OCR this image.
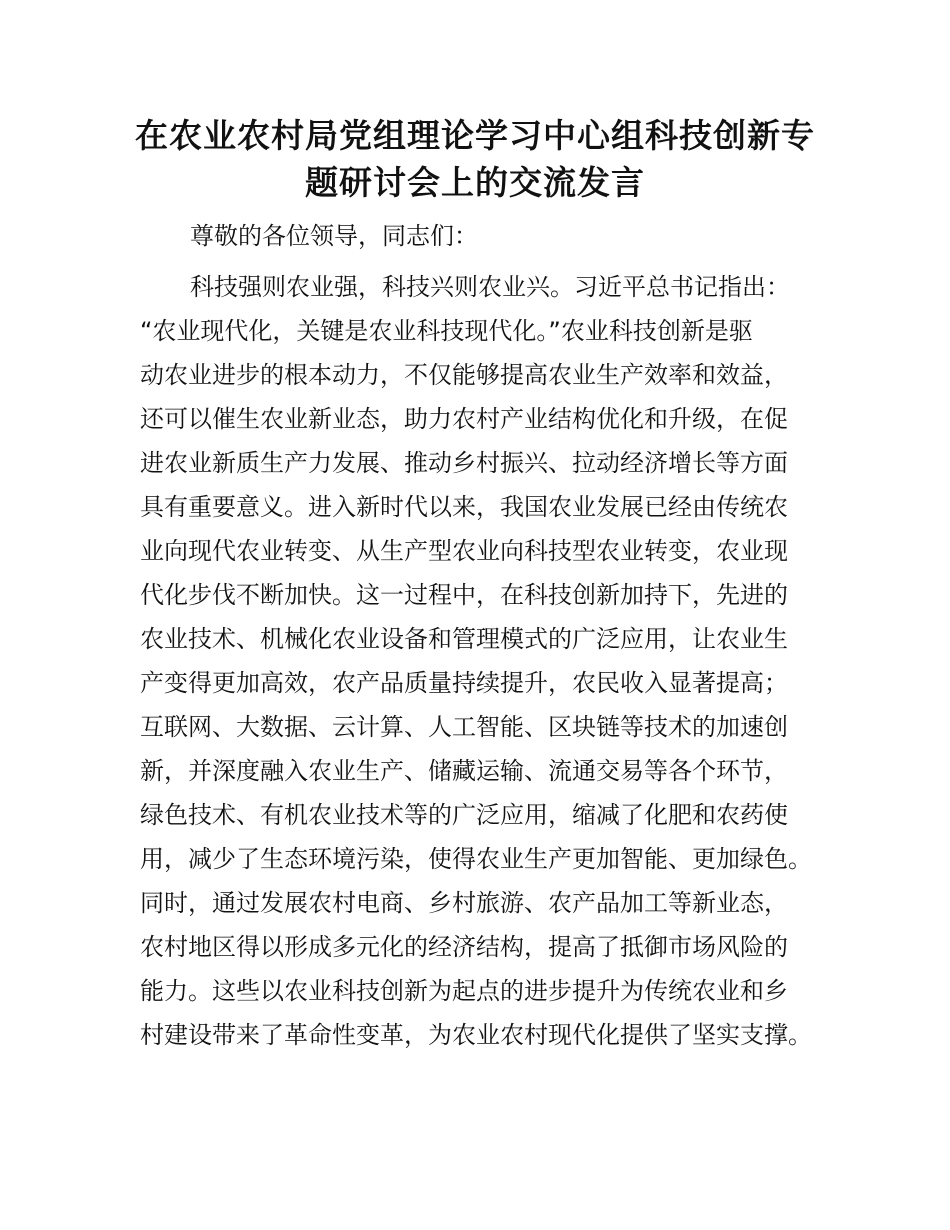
在农业农村局党组理论学习中心组科技创新专
题研讨会上的交流发言

尊敬的各位领导，同志们：

科技强则农业强，科技兴则农业兴。习近平总书记指出：

“农业现代化，关键是农业科技现代化。”农业科技创新是驱

动农业进步的根本动力，不仅能够提高农业生产效率和效益，

还可以催生农业新业态，助力农村产业结构优化和升级，在促

进农业新质生产力发展、推动乡村振兴、拉动经济增长等方面

具有重要意义。进入新时代以来，我国农业发展已经由传统农

业向现代农业转变、从生产型农业向科技型农业转变，农业现

代化步伐不断加快。这一过程中，在科技创新加持下，先进的

农业技术、机械化农业设备和管理模式的广泛应用，让农业生

产变得更加高效，农产品质量持续提升，农民收入显著提高；

互联网、大数据、云计算、人工智能、区块链等技术的加速创

新，并深度融入农业生产、储藏运输、流通交易等各个环节，

绿色技术、有机农业技术等的广泛应用，缩减了化肥和农药使

用，减少了生态环境污染，使得农业生产更加智能、更加绿色。

同时，通过发展农村电商、乡村旅游、农产品加工等新业态，

农村地区得以形成多元化的经济结构，提高了抵御市场风险的

能力。这些以农业科技创新为起点的进步提升为传统农业和乡

村建设带来了革命性变革，为农业农村现代化提供了坚实支撑。
